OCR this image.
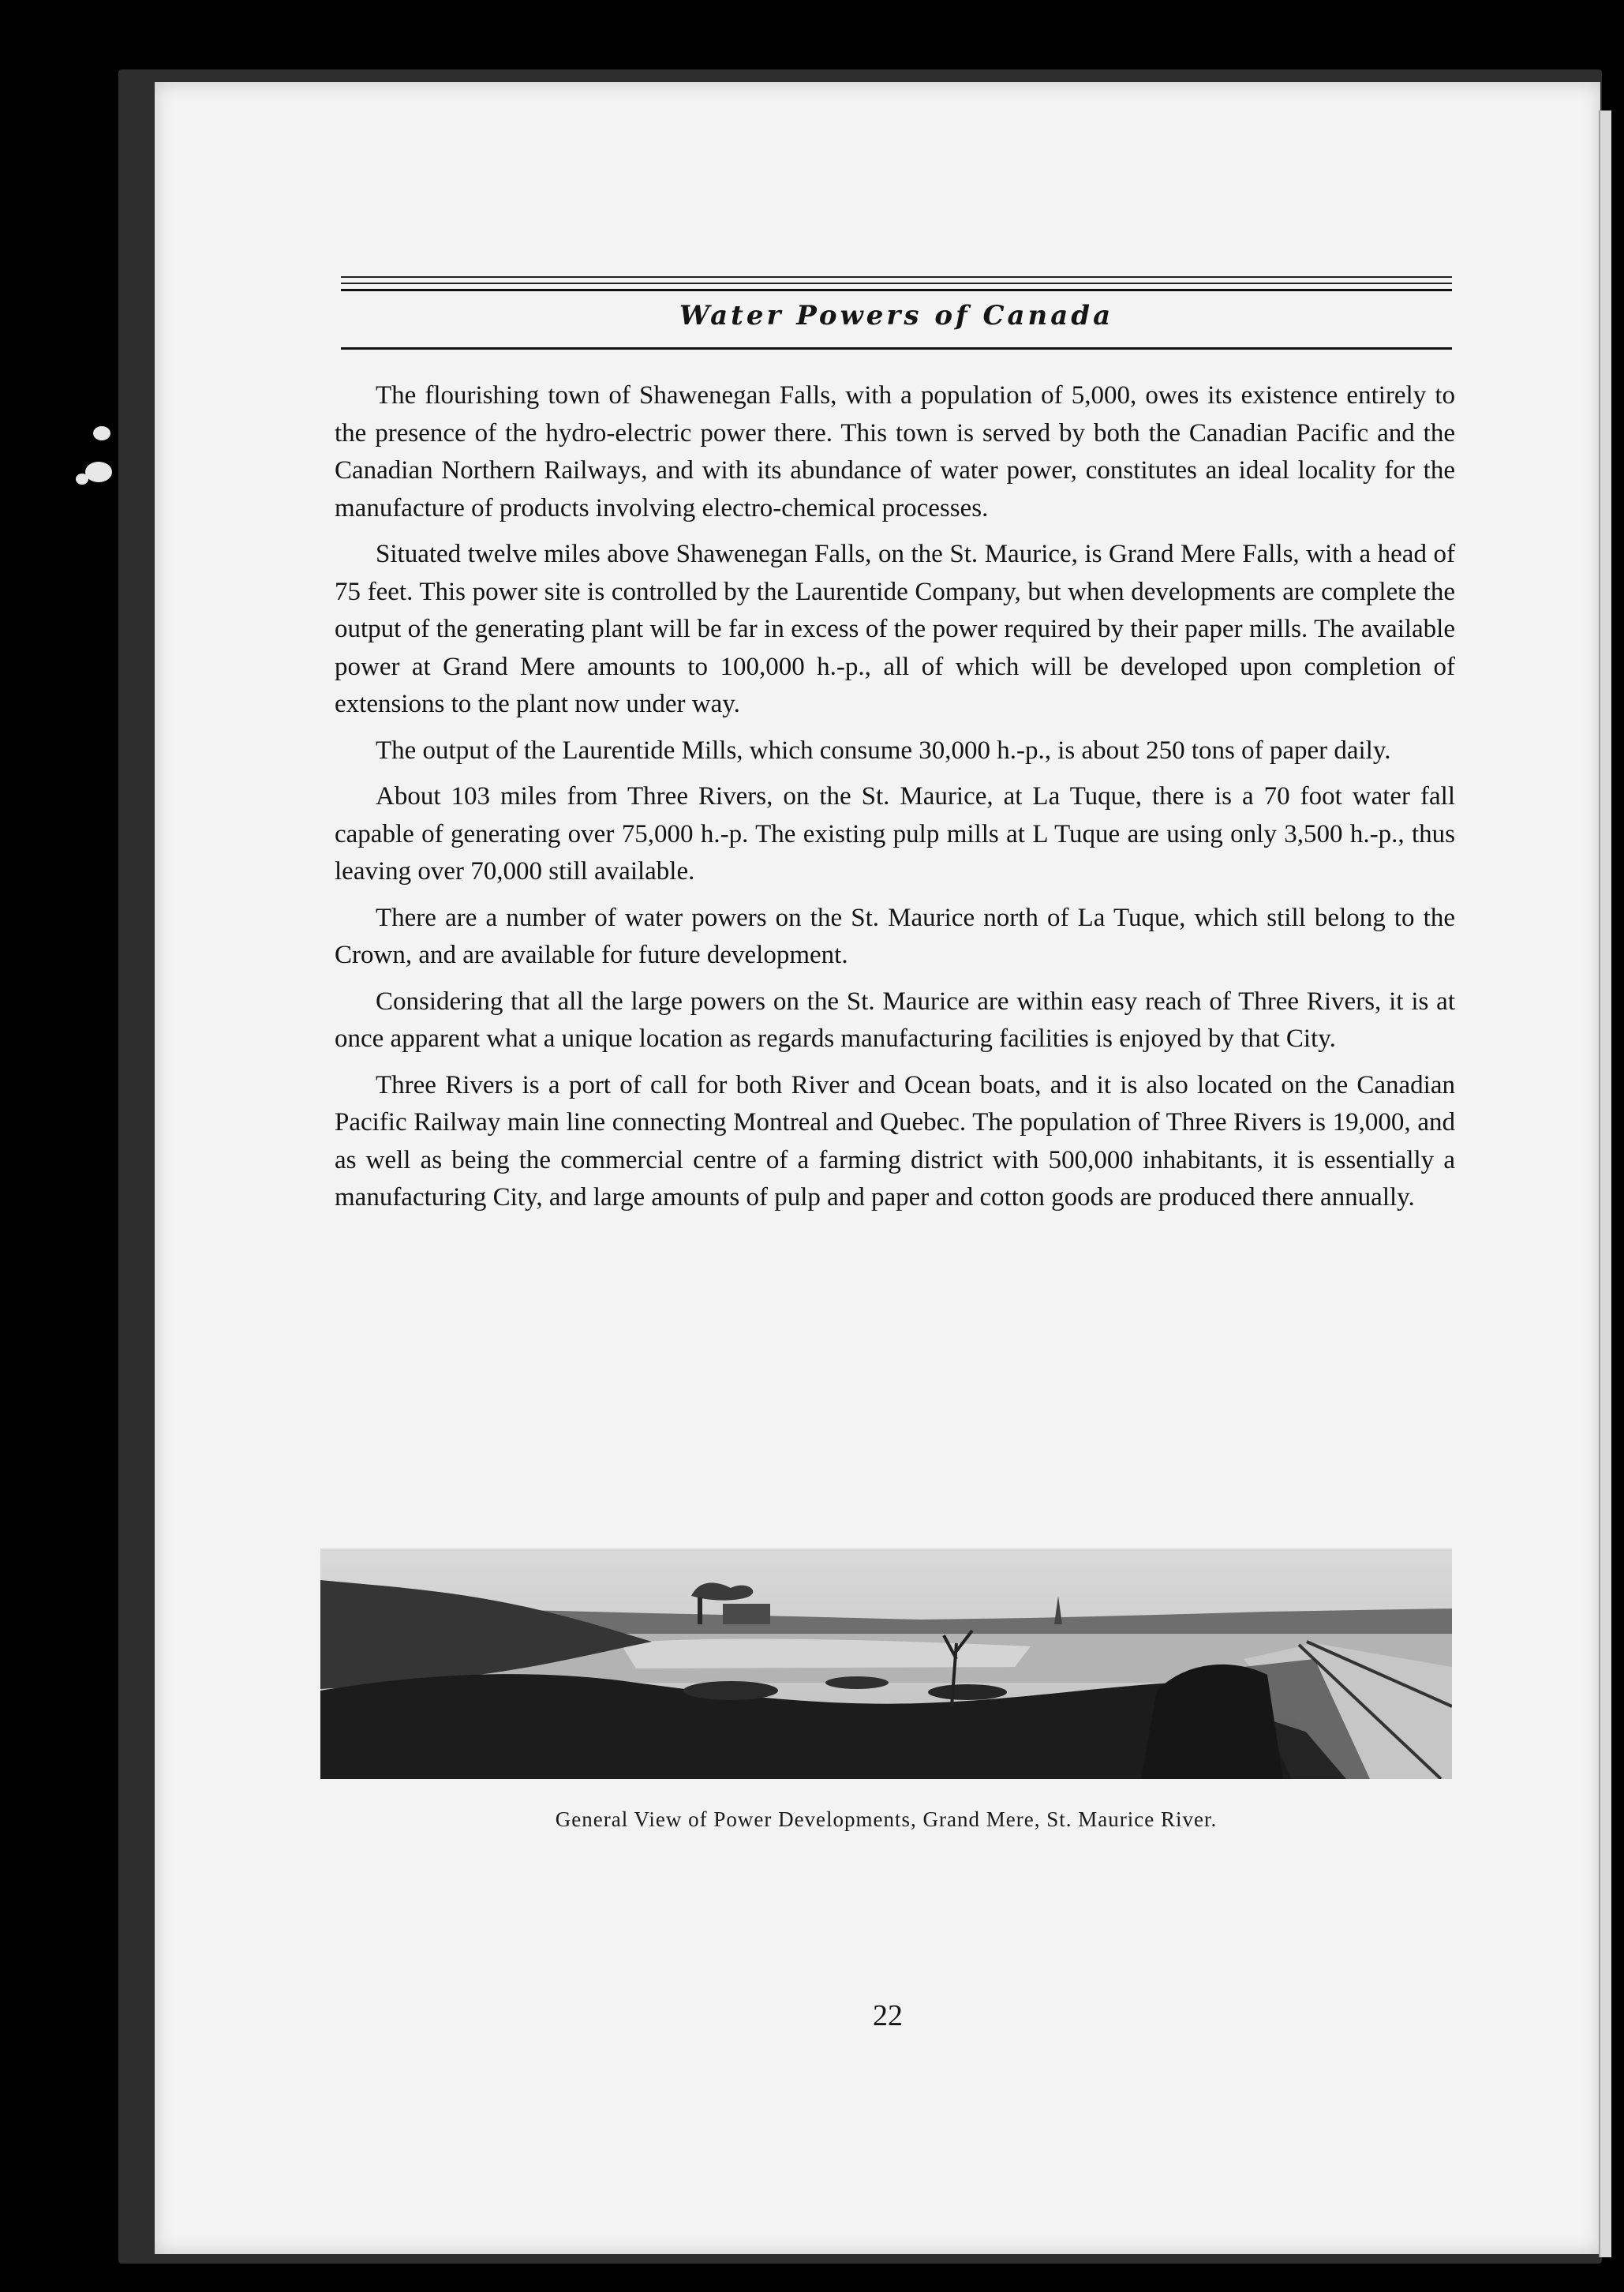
Water Powers of Canada

The flourishing town of Shawenegan Falls, with a population of 5,000, owes its existence entirely to the presence of the hydro-electric power there. This town is served by both the Canadian Pacific and the Canadian Northern Railways, and with its abundance of water power, constitutes an ideal locality for the manufacture of products involving electro-chemical processes.

Situated twelve miles above Shawenegan Falls, on the St. Maurice, is Grand Mere Falls, with a head of 75 feet. This power site is controlled by the Laurentide Company, but when developments are complete the output of the generating plant will be far in excess of the power required by their paper mills. The available power at Grand Mere amounts to 100,000 h.-p., all of which will be developed upon completion of extensions to the plant now under way.

The output of the Laurentide Mills, which consume 30,000 h.-p., is about 250 tons of paper daily.

About 103 miles from Three Rivers, on the St. Maurice, at La Tuque, there is a 70 foot water fall capable of generating over 75,000 h.-p. The existing pulp mills at L Tuque are using only 3,500 h.-p., thus leaving over 70,000 still available.

There are a number of water powers on the St. Maurice north of La Tuque, which still belong to the Crown, and are available for future development.

Considering that all the large powers on the St. Maurice are within easy reach of Three Rivers, it is at once apparent what a unique location as regards manufacturing facilities is enjoyed by that City.

Three Rivers is a port of call for both River and Ocean boats, and it is also located on the Canadian Pacific Railway main line connecting Montreal and Quebec. The population of Three Rivers is 19,000, and as well as being the commercial centre of a farming district with 500,000 inhabitants, it is essentially a manufacturing City, and large amounts of pulp and paper and cotton goods are produced there annually.

General View of Power Developments, Grand Mere, St. Maurice River.
22
